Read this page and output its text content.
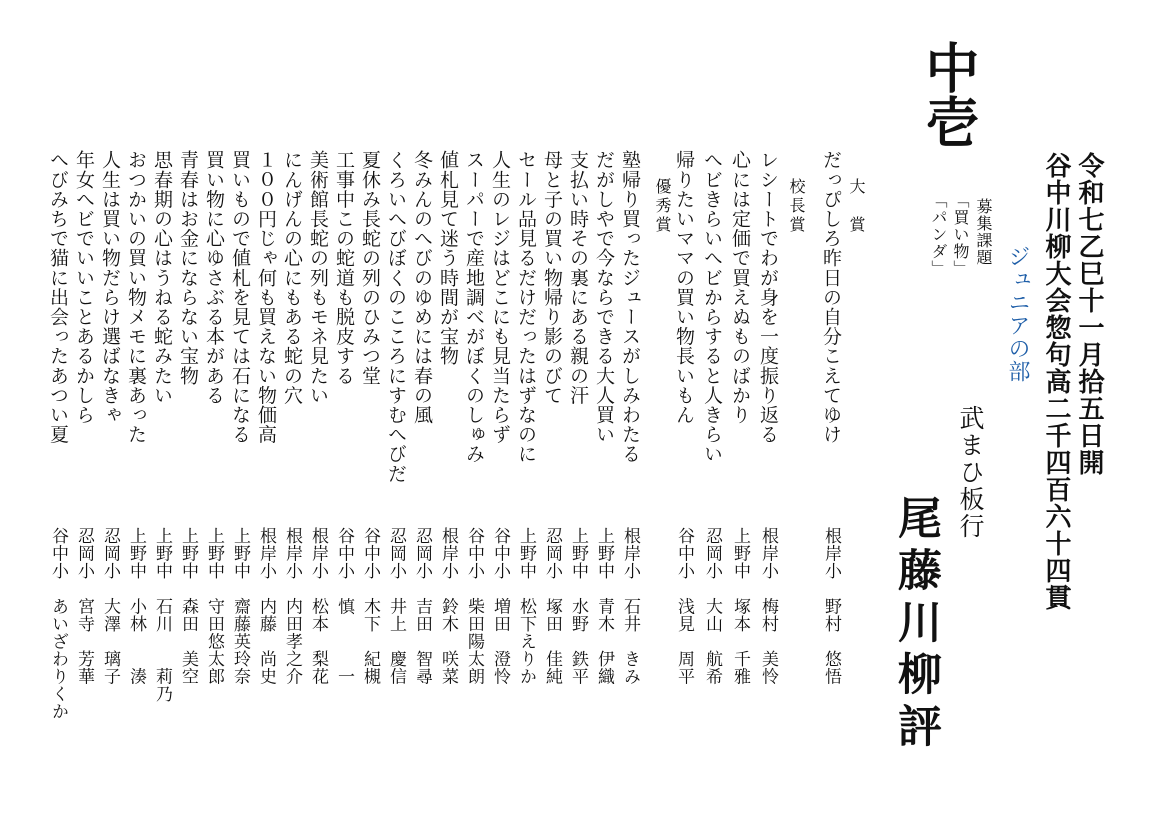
中壱
令和七乙巳十一月拾五日開
谷中川柳大会惣句高二千四百六十四貫
ジュニアの部
募集課題
「買い物」
「パンダ」
武まひ板行
尾藤川柳評
大　賞
校長賞
優秀賞	だっぴしろ昨日の自分こえてゆけ
根岸小野村　悠悟
レシートでわが身を一度振り返る
根岸小梅村　美怜
心には定価で買えぬものばかり
上野中塚本　千雅
へビきらいへビからすると人きらい
忍岡小大山　航希
帰りたいママの買い物長いもん
谷中小浅見　周平
塾帰り買ったジュースがしみわたる
根岸小石井　きみ
だがしやで今ならできる大人買い
上野中青木　伊織
支払い時その裏にある親の汗
上野中水野　鉄平
母と子の買い物帰り影のびて
忍岡小塚田　佳純
セール品見るだけだったはずなのに
上野中松下えりか
人生のレジはどこにも見当たらず
谷中小増田　澄怜
スーパーで産地調べがぼくのしゅみ
谷中小柴田陽太朗
値札見て迷う時間が宝物
根岸小鈴木　咲菜
冬みんのへびのゆめには春の風
忍岡小吉田　智尋
くろいへびぼくのこころにすむへびだ
忍岡小井上　慶信
夏休み長蛇の列のひみつ堂
谷中小木下　紀槻
工事中この蛇道も脱皮する
谷中小慎　　　一
美術館長蛇の列もモネ見たい
根岸小松本　梨花
にんげんの心にもある蛇の穴
根岸小内田孝之介
１００円じゃ何も買えない物価高
根岸小内藤　尚史
買いもので値札を見ては石になる
上野中齋藤英玲奈
買い物に心ゆさぶる本がある
上野中守田悠太郎
青春はお金にならない宝物
上野中森田　美空
思春期の心はうねる蛇みたい
上野中石川　　莉乃
おつかいの買い物メモに裏あった
上野中小林　　湊
人生は買い物だらけ選ばなきゃ
忍岡小大澤　璃子
年女へビでいいことあるかしら
忍岡小宮寺　芳華
へびみちで猫に出会ったあつい夏
谷中小あいざわりくか
